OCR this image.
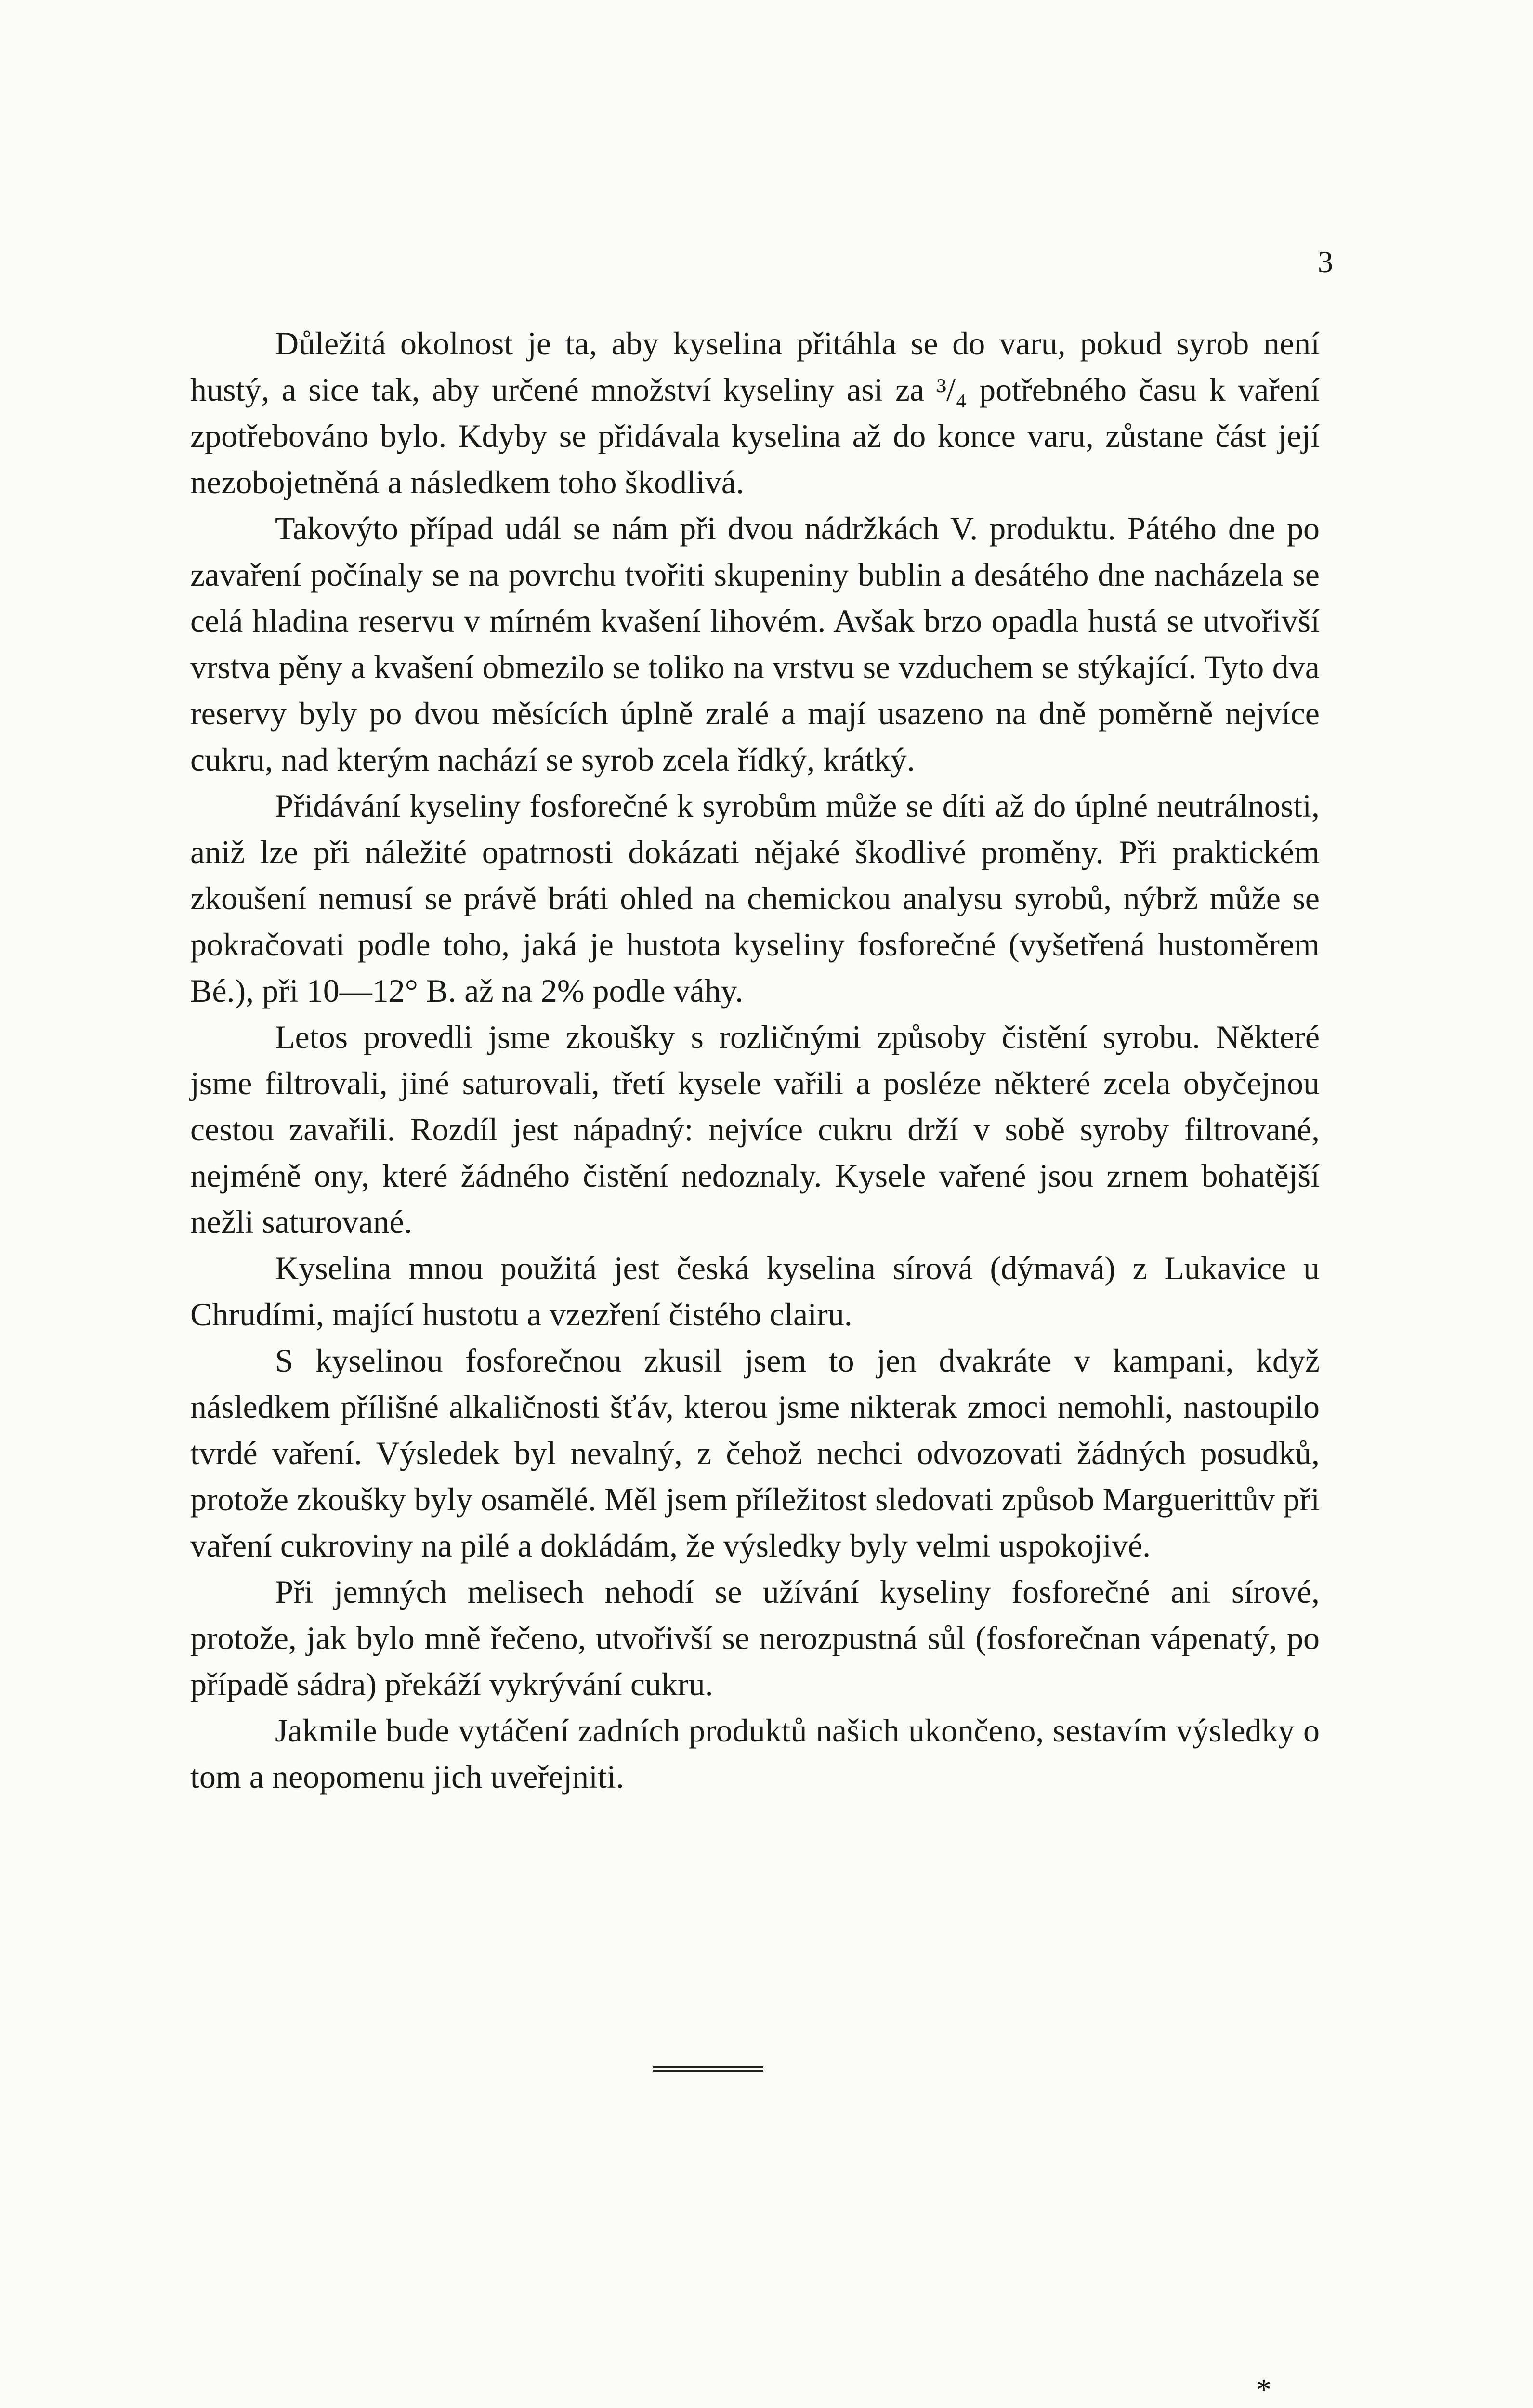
3

Důležitá okolnost je ta, aby kyselina přitáhla se do varu, pokud syrob není hustý, a sice tak, aby určené množství kyseliny asi za ³/₄ potřebného času k vaření zpotřebováno bylo. Kdyby se přidávala kyselina až do konce varu, zůstane část její nezobojetněná a následkem toho škodlivá.

Takovýto případ udál se nám při dvou nádržkách V. produktu. Pátého dne po zavaření počínaly se na povrchu tvořiti skupeniny bublin a desátého dne nacházela se celá hladina reservu v mírném kvašení lihovém. Avšak brzo opadla hustá se utvořivší vrstva pěny a kvašení obmezilo se toliko na vrstvu se vzduchem se stýkající. Tyto dva reservy byly po dvou měsících úplně zralé a mají usazeno na dně poměrně nejvíce cukru, nad kterým nachází se syrob zcela řídký, krátký.

Přidávání kyseliny fosforečné k syrobům může se díti až do úplné neutrálnosti, aniž lze při náležité opatrnosti dokázati nějaké škodlivé proměny. Při praktickém zkoušení nemusí se právě bráti ohled na chemickou analysu syrobů, nýbrž může se pokračovati podle toho, jaká je hustota kyseliny fosforečné (vyšetřená hustoměrem Bé.), při 10—12° B. až na 2% podle váhy.

Letos provedli jsme zkoušky s rozličnými způsoby čistění syrobu. Některé jsme filtrovali, jiné saturovali, třetí kysele vařili a posléze některé zcela obyčejnou cestou zavařili. Rozdíl jest nápadný: nejvíce cukru drží v sobě syroby filtrované, nejméně ony, které žádného čistění nedoznaly. Kysele vařené jsou zrnem bohatější nežli saturované.

Kyselina mnou použitá jest česká kyselina sírová (dýmavá) z Lukavice u Chrudími, mající hustotu a vzezření čistého clairu.

S kyselinou fosforečnou zkusil jsem to jen dvakráte v kampani, když následkem přílišné alkaličnosti šťáv, kterou jsme nikterak zmoci nemohli, nastoupilo tvrdé vaření. Výsledek byl nevalný, z čehož nechci odvozovati žádných posudků, protože zkoušky byly osamělé. Měl jsem příležitost sledovati způsob Marguerittův při vaření cukroviny na pilé a dokládám, že výsledky byly velmi uspokojivé.

Při jemných melisech nehodí se užívání kyseliny fosforečné ani sírové, protože, jak bylo mně řečeno, utvořivší se nerozpustná sůl (fosforečnan vápenatý, po případě sádra) překáží vykrývání cukru.

Jakmile bude vytáčení zadních produktů našich ukončeno, sestavím výsledky o tom a neopomenu jich uveřejniti.

*
